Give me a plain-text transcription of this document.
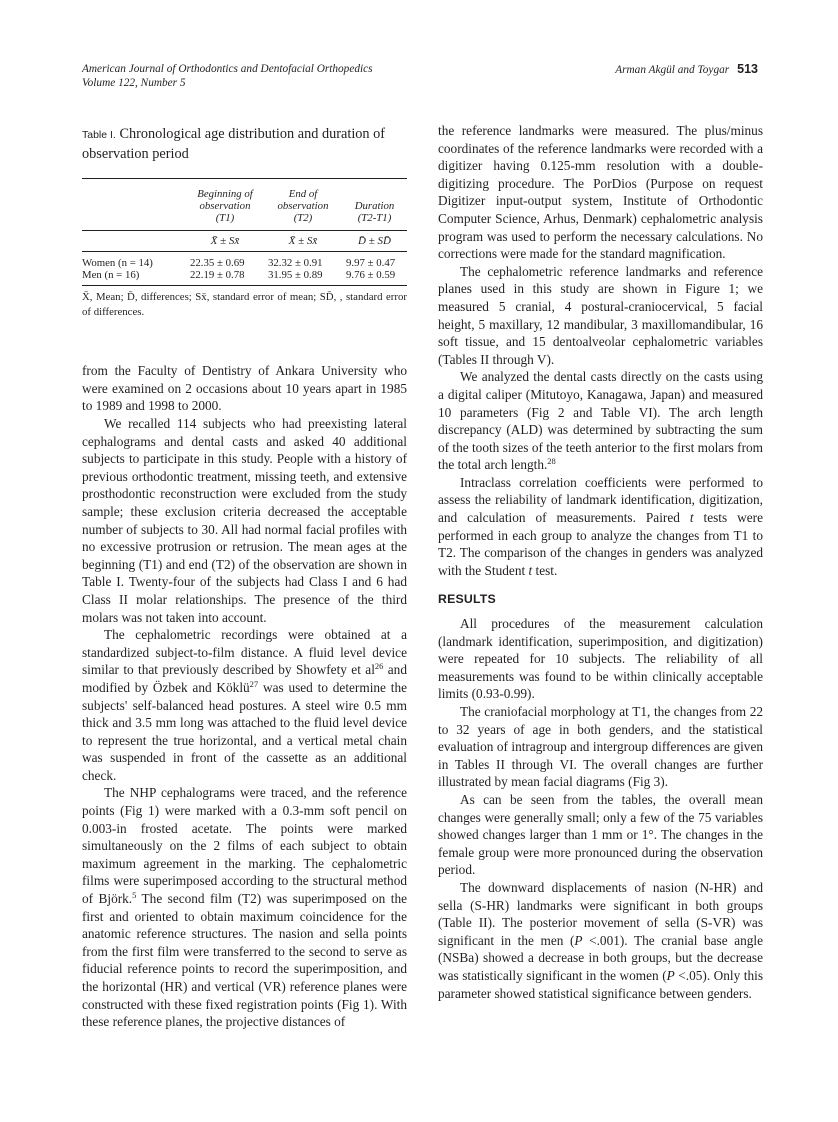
American Journal of Orthodontics and Dentofacial Orthopedics
Volume 122, Number 5
Arman Akgül and Toygar 513
Table I. Chronological age distribution and duration of observation period

Beginning of
observation
(T1)

End of
observation
(T2)

Duration
(T2-T1)

	X̄ ± Sx̄	X̄ ± Sx̄	D̄ ± SD̄

Women (n = 14)	22.35 ± 0.69	32.32 ± 0.91	9.97 ± 0.47
Men (n = 16)	22.19 ± 0.78	31.95 ± 0.89	9.76 ± 0.59
X̄, Mean; D̄, differences; Sx̄, standard error of mean; SD̄, , standard error of differences.

from the Faculty of Dentistry of Ankara University who were examined on 2 occasions about 10 years apart in 1985 to 1989 and 1998 to 2000.

We recalled 114 subjects who had preexisting lateral cephalograms and dental casts and asked 40 additional subjects to participate in this study. People with a history of previous orthodontic treatment, missing teeth, and extensive prosthodontic reconstruction were excluded from the study sample; these exclusion criteria decreased the acceptable number of subjects to 30. All had normal facial profiles with no excessive protrusion or retrusion. The mean ages at the beginning (T1) and end (T2) of the observation are shown in Table I. Twenty-four of the subjects had Class I and 6 had Class II molar relationships. The presence of the third molars was not taken into account.

The cephalometric recordings were obtained at a standardized subject-to-film distance. A fluid level device similar to that previously described by Showfety et $al^{26}$ and modified by Özbek and Köklü$^{27}$ was used to determine the subjects' self-balanced head postures. A steel wire 0.5 mm thick and 3.5 mm long was attached to the fluid level device to represent the true horizontal, and a vertical metal chain was suspended in front of the cassette as an additional check.

The NHP cephalograms were traced, and the reference points (Fig 1) were marked with a 0.3-mm soft pencil on 0.003-in frosted acetate. The points were marked simultaneously on the 2 films of each subject to obtain maximum agreement in the marking. The cephalometric films were superimposed according to the structural method of Björk.$^5$ The second film (T2) was superimposed on the first and oriented to obtain maximum coincidence for the anatomic reference structures. The nasion and sella points from the first film were transferred to the second to serve as fiducial reference points to record the superimposition, and the horizontal (HR) and vertical (VR) reference planes were constructed with these fixed registration points (Fig 1). With these reference planes, the projective distances of

the reference landmarks were measured. The plus/minus coordinates of the reference landmarks were recorded with a digitizer having 0.125-mm resolution with a double-digitizing procedure. The PorDios (Purpose on request Digitizer input-output system, Institute of Orthodontic Computer Science, Arhus, Denmark) cephalometric analysis program was used to perform the necessary calculations. No corrections were made for the standard magnification.

The cephalometric reference landmarks and reference planes used in this study are shown in Figure 1; we measured 5 cranial, 4 postural-craniocervical, 5 facial height, 5 maxillary, 12 mandibular, 3 maxillomandibular, 16 soft tissue, and 15 dentoalveolar cephalometric variables (Tables II through V).

We analyzed the dental casts directly on the casts using a digital caliper (Mitutoyo, Kanagawa, Japan) and measured 10 parameters (Fig 2 and Table VI). The arch length discrepancy (ALD) was determined by subtracting the sum of the tooth sizes of the teeth anterior to the first molars from the total arch length.$^{28}$

Intraclass correlation coefficients were performed to assess the reliability of landmark identification, digitization, and calculation of measurements. Paired t tests were performed in each group to analyze the changes from T1 to T2. The comparison of the changes in genders was analyzed with the Student t test.

RESULTS

All procedures of the measurement calculation (landmark identification, superimposition, and digitization) were repeated for 10 subjects. The reliability of all measurements was found to be within clinically acceptable limits (0.93-0.99).

The craniofacial morphology at T1, the changes from 22 to 32 years of age in both genders, and the statistical evaluation of intragroup and intergroup differences are given in Tables II through VI. The overall changes are further illustrated by mean facial diagrams (Fig 3).

As can be seen from the tables, the overall mean changes were generally small; only a few of the 75 variables showed changes larger than 1 mm or 1°. The changes in the female group were more pronounced during the observation period.

The downward displacements of nasion (N-HR) and sella (S-HR) landmarks were significant in both groups (Table II). The posterior movement of sella (S-VR) was significant in the men (P <.001). The cranial base angle (NSBa) showed a decrease in both groups, but the decrease was statistically significant in the women (P <.05). Only this parameter showed statistical significance between genders.
